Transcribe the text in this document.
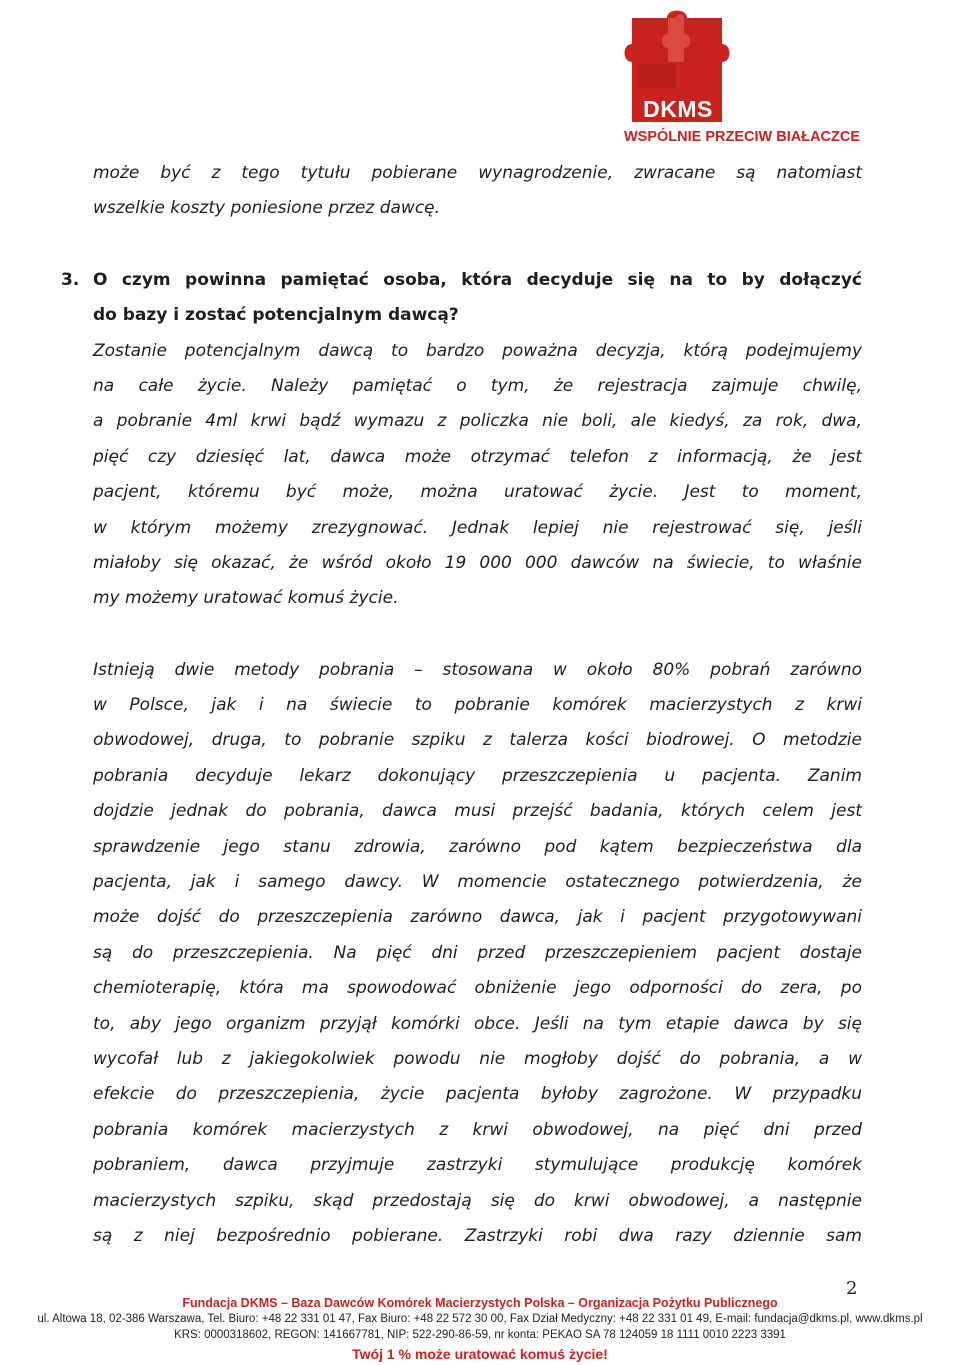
DKMS
WSPÓLNIE PRZECIW BIAŁACZCE
może być z tego tytułu pobierane wynagrodzenie, zwracane są natomiast
wszelkie koszty poniesione przez dawcę.
3. O czym powinna pamiętać osoba, która decyduje się na to by dołączyć
do bazy i zostać potencjalnym dawcą?
Zostanie potencjalnym dawcą to bardzo poważna decyzja, którą podejmujemy
na całe życie. Należy pamiętać o tym, że rejestracja zajmuje chwilę,
a pobranie 4ml krwi bądź wymazu z policzka nie boli, ale kiedyś, za rok, dwa,
pięć czy dziesięć lat, dawca może otrzymać telefon z informacją, że jest
pacjent, któremu być może, można uratować życie. Jest to moment,
w którym możemy zrezygnować. Jednak lepiej nie rejestrować się, jeśli
miałoby się okazać, że wśród około 19 000 000 dawców na świecie, to właśnie
my możemy uratować komuś życie.
Istnieją dwie metody pobrania – stosowana w około 80% pobrań zarówno
w Polsce, jak i na świecie to pobranie komórek macierzystych z krwi
obwodowej, druga, to pobranie szpiku z talerza kości biodrowej. O metodzie
pobrania decyduje lekarz dokonujący przeszczepienia u pacjenta. Zanim
dojdzie jednak do pobrania, dawca musi przejść badania, których celem jest
sprawdzenie jego stanu zdrowia, zarówno pod kątem bezpieczeństwa dla
pacjenta, jak i samego dawcy. W momencie ostatecznego potwierdzenia, że
może dojść do przeszczepienia zarówno dawca, jak i pacjent przygotowywani
są do przeszczepienia. Na pięć dni przed przeszczepieniem pacjent dostaje
chemioterapię, która ma spowodować obniżenie jego odporności do zera, po
to, aby jego organizm przyjął komórki obce. Jeśli na tym etapie dawca by się
wycofał lub z jakiegokolwiek powodu nie mogłoby dojść do pobrania, a w
efekcie do przeszczepienia, życie pacjenta byłoby zagrożone. W przypadku
pobrania komórek macierzystych z krwi obwodowej, na pięć dni przed
pobraniem, dawca przyjmuje zastrzyki stymulujące produkcję komórek
macierzystych szpiku, skąd przedostają się do krwi obwodowej, a następnie
są z niej bezpośrednio pobierane. Zastrzyki robi dwa razy dziennie sam
2
Fundacja DKMS – Baza Dawców Komórek Macierzystych Polska – Organizacja Pożytku Publicznego
ul. Altowa 18, 02-386 Warszawa, Tel. Biuro: +48 22 331 01 47, Fax Biuro: +48 22 572 30 00, Fax Dział Medyczny: +48 22 331 01 49, E-mail: fundacja@dkms.pl, www.dkms.pl
KRS: 0000318602, REGON: 141667781, NIP: 522-290-86-59, nr konta: PEKAO SA 78 124059 18 1111 0010 2223 3391
Twój 1 % może uratować komuś życie!
